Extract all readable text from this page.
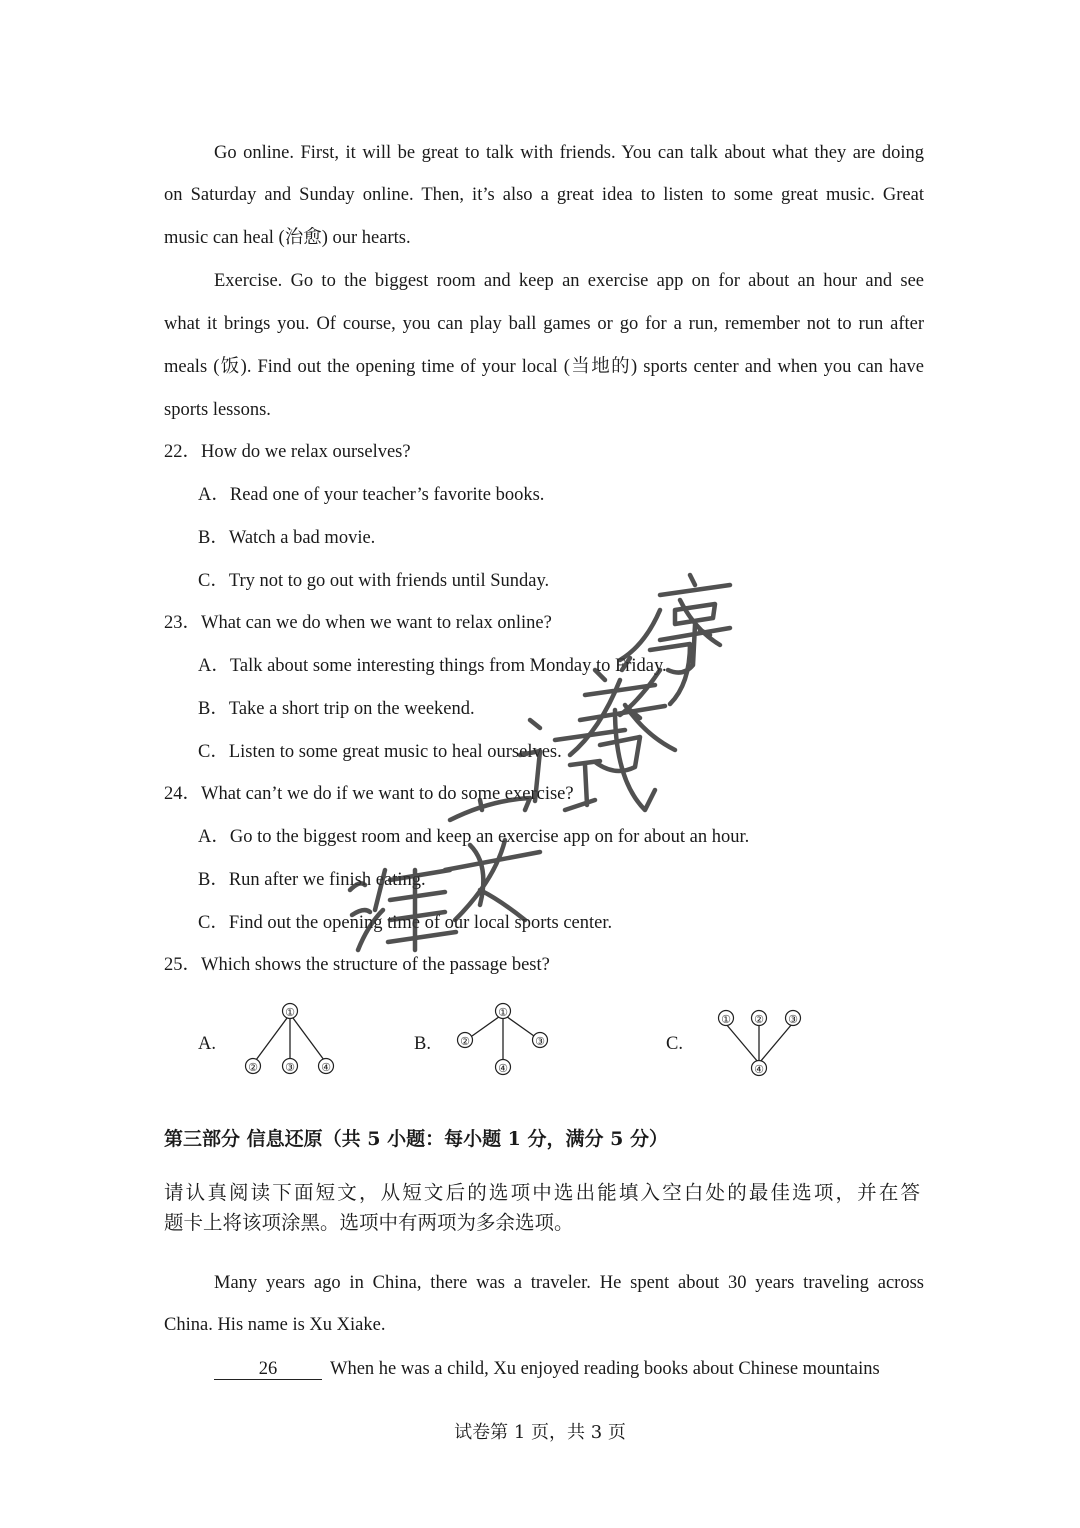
Go online. First, it will be great to talk with friends. You can talk about what they are doing
on Saturday and Sunday online. Then, it’s also a great idea to listen to some great music. Great
music can heal (治愈) our hearts.
Exercise. Go to the biggest room and keep an exercise app on for about an hour and see
what it brings you. Of course, you can play ball games or go for a run, remember not to run after
meals (饭). Find out the opening time of your local (当地的) sports center and when you can have
sports lessons.
22．How do we relax ourselves?
A．Read one of your teacher’s favorite books.
B．Watch a bad movie.
C．Try not to go out with friends until Sunday.
23．What can we do when we want to relax online?
A．Talk about some interesting things from Monday to Friday.
B．Take a short trip on the weekend.
C．Listen to some great music to heal ourselves.
24．What can’t we do if we want to do some exercise?
A．Go to the biggest room and keep an exercise app on for about an hour.
B．Run after we finish eating.
C．Find out the opening time of our local sports center.
25．Which shows the structure of the passage best?
A.
①
② ③ ④
B.
①
②	③
④
C.
① ② ③
④
第三部分 信息还原（共 5 小题：每小题 1 分，满分 5 分）
请认真阅读下面短文，从短文后的选项中选出能填入空白处的最佳选项，并在答
题卡上将该项涂黑。选项中有两项为多余选项。
Many years ago in China, there was a traveler. He spent about 30 years traveling across
China. His name is Xu Xiake.
26	When he was a child, Xu enjoyed reading books about Chinese mountains
试卷第 1 页，共 3 页
